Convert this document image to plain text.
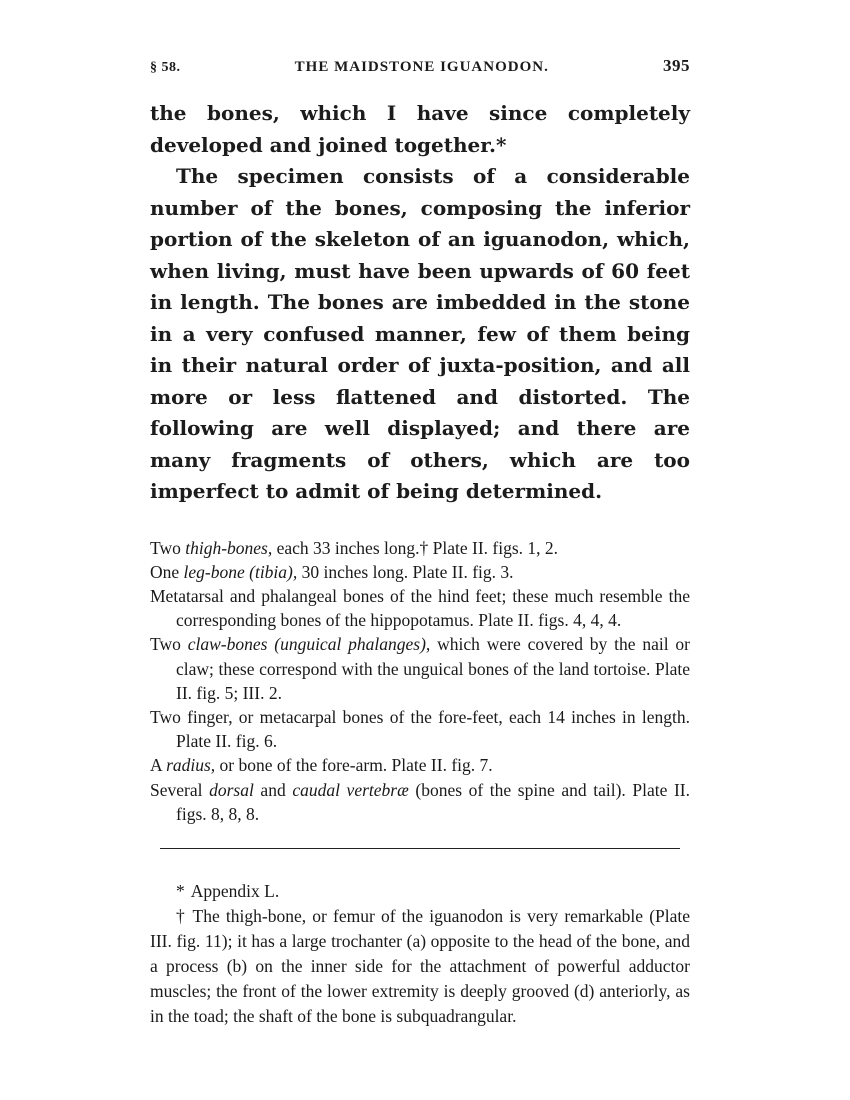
§ 58.	THE MAIDSTONE IGUANODON.	395

the bones, which I have since completely developed and joined together.*

The specimen consists of a considerable number of the bones, composing the inferior portion of the skeleton of an iguanodon, which, when living, must have been upwards of 60 feet in length. The bones are imbedded in the stone in a very confused manner, few of them being in their natural order of juxta-position, and all more or less flattened and distorted. The following are well displayed; and there are many fragments of others, which are too imperfect to admit of being determined.

Two thigh-bones, each 33 inches long.† Plate II. figs. 1, 2.
One leg-bone (tibia), 30 inches long. Plate II. fig. 3.
Metatarsal and phalangeal bones of the hind feet; these much resemble the corresponding bones of the hippopotamus. Plate II. figs. 4, 4, 4.
Two claw-bones (unguical phalanges), which were covered by the nail or claw; these correspond with the unguical bones of the land tortoise. Plate II. fig. 5; III. 2.
Two finger, or metacarpal bones of the fore-feet, each 14 inches in length. Plate II. fig. 6.
A radius, or bone of the fore-arm. Plate II. fig. 7.
Several dorsal and caudal vertebræ (bones of the spine and tail). Plate II. figs. 8, 8, 8.
* Appendix L.
† The thigh-bone, or femur of the iguanodon is very remarkable (Plate III. fig. 11); it has a large trochanter (a) opposite to the head of the bone, and a process (b) on the inner side for the attachment of powerful adductor muscles; the front of the lower extremity is deeply grooved (d) anteriorly, as in the toad; the shaft of the bone is subquadrangular.
